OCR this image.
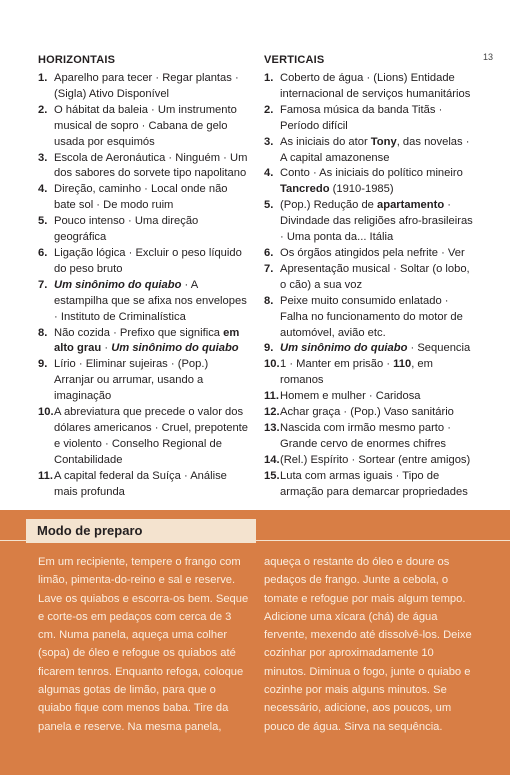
13
HORIZONTAIS
1. Aparelho para tecer · Regar plantas · (Sigla) Ativo Disponível
2. O hábitat da baleia · Um instrumento musical de sopro · Cabana de gelo usada por esquimós
3. Escola de Aeronáutica · Ninguém · Um dos sabores do sorvete tipo napolitano
4. Direção, caminho · Local onde não bate sol · De modo ruim
5. Pouco intenso · Uma direção geográfica
6. Ligação lógica · Excluir o peso líquido do peso bruto
7. Um sinônimo do quiabo · A estampilha que se afixa nos envelopes · Instituto de Criminalística
8. Não cozida · Prefixo que significa em alto grau · Um sinônimo do quiabo
9. Lírio · Eliminar sujeiras · (Pop.) Arranjar ou arrumar, usando a imaginação
10. A abreviatura que precede o valor dos dólares americanos · Cruel, prepotente e violento · Conselho Regional de Contabilidade
11. A capital federal da Suíça · Análise mais profunda
VERTICAIS
1. Coberto de água · (Lions) Entidade internacional de serviços humanitários
2. Famosa música da banda Titãs · Período difícil
3. As iniciais do ator Tony, das novelas · A capital amazonense
4. Conto · As iniciais do político mineiro Tancredo (1910-1985)
5. (Pop.) Redução de apartamento · Divindade das religiões afro-brasileiras · Uma ponta da... Itália
6. Os órgãos atingidos pela nefrite · Ver
7. Apresentação musical · Soltar (o lobo, o cão) a sua voz
8. Peixe muito consumido enlatado · Falha no funcionamento do motor de automóvel, avião etc.
9. Um sinônimo do quiabo · Sequencia
10. 1 · Manter em prisão · 110, em romanos
11. Homem e mulher · Caridosa
12. Achar graça · (Pop.) Vaso sanitário
13. Nascida com irmão mesmo parto · Grande cervo de enormes chifres
14. (Rel.) Espírito · Sortear (entre amigos)
15. Luta com armas iguais · Tipo de armação para demarcar propriedades
Modo de preparo

Em um recipiente, tempere o frango com limão, pimenta-do-reino e sal e reserve. Lave os quiabos e escorra-os bem. Seque e corte-os em pedaços com cerca de 3 cm. Numa panela, aqueça uma colher (sopa) de óleo e refogue os quiabos até ficarem tenros. Enquanto refoga, coloque algumas gotas de limão, para que o quiabo fique com menos baba. Tire da panela e reserve. Na mesma panela,

aqueça o restante do óleo e doure os pedaços de frango. Junte a cebola, o tomate e refogue por mais algum tempo. Adicione uma xícara (chá) de água fervente, mexendo até dissolvê-los. Deixe cozinhar por aproximadamente 10 minutos. Diminua o fogo, junte o quiabo e cozinhe por mais alguns minutos. Se necessário, adicione, aos poucos, um pouco de água. Sirva na sequência.
